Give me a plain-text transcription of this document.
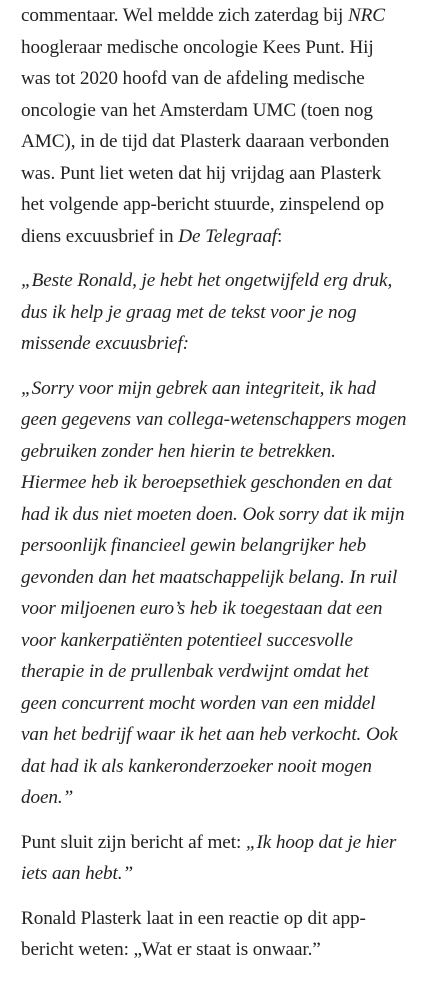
commentaar. Wel meldde zich zaterdag bij NRC
hoogleraar medische oncologie Kees Punt. Hij
was tot 2020 hoofd van de afdeling medische
oncologie van het Amsterdam UMC (toen nog
AMC), in de tijd dat Plasterk daaraan verbonden
was. Punt liet weten dat hij vrijdag aan Plasterk
het volgende app-bericht stuurde, zinspelend op
diens excuusbrief in De Telegraaf:

„Beste Ronald, je hebt het ongetwijfeld erg druk,
dus ik help je graag met de tekst voor je nog
missende excuusbrief:

„Sorry voor mijn gebrek aan integriteit, ik had
geen gegevens van collega-wetenschappers mogen
gebruiken zonder hen hierin te betrekken.
Hiermee heb ik beroepsethiek geschonden en dat
had ik dus niet moeten doen. Ook sorry dat ik mijn
persoonlijk financieel gewin belangrijker heb
gevonden dan het maatschappelijk belang. In ruil
voor miljoenen euro’s heb ik toegestaan dat een
voor kankerpatiënten potentieel succesvolle
therapie in de prullenbak verdwijnt omdat het
geen concurrent mocht worden van een middel
van het bedrijf waar ik het aan heb verkocht. Ook
dat had ik als kankeronderzoeker nooit mogen
doen.”

Punt sluit zijn bericht af met: „Ik hoop dat je hier
iets aan hebt.”

Ronald Plasterk laat in een reactie op dit app-
bericht weten: „Wat er staat is onwaar.”
